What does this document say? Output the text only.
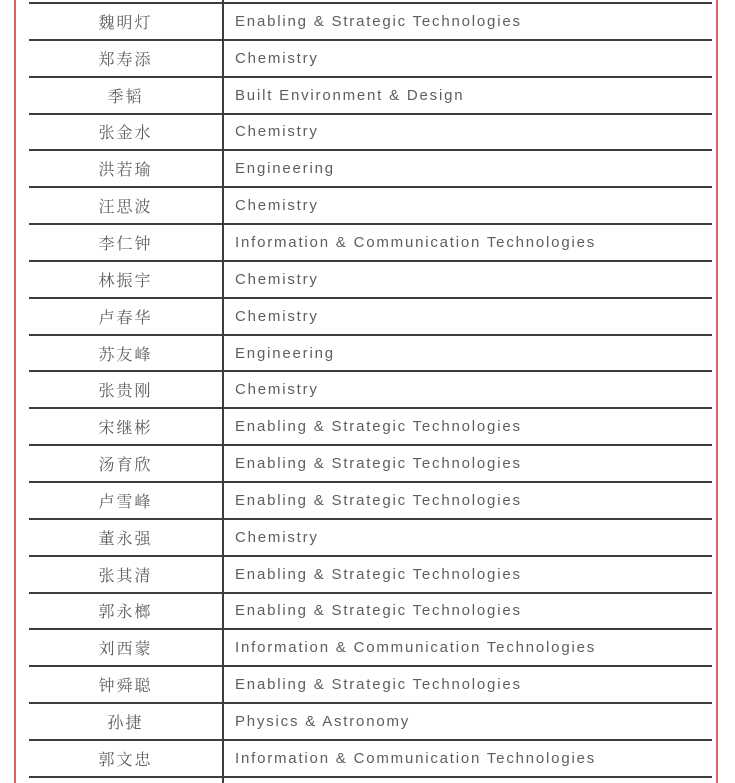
魏明灯	Enabling & Strategic Technologies
郑寿添	Chemistry
季韬	Built Environment & Design
张金水	Chemistry
洪若瑜	Engineering
汪思波	Chemistry
李仁钟	Information & Communication Technologies
林振宇	Chemistry
卢春华	Chemistry
苏友峰	Engineering
张贵刚	Chemistry
宋继彬	Enabling & Strategic Technologies
汤育欣	Enabling & Strategic Technologies
卢雪峰	Enabling & Strategic Technologies
董永强	Chemistry
张其清	Enabling & Strategic Technologies
郭永榔	Enabling & Strategic Technologies
刘西蒙	Information & Communication Technologies
钟舜聪	Enabling & Strategic Technologies
孙捷	Physics & Astronomy
郭文忠	Information & Communication Technologies
